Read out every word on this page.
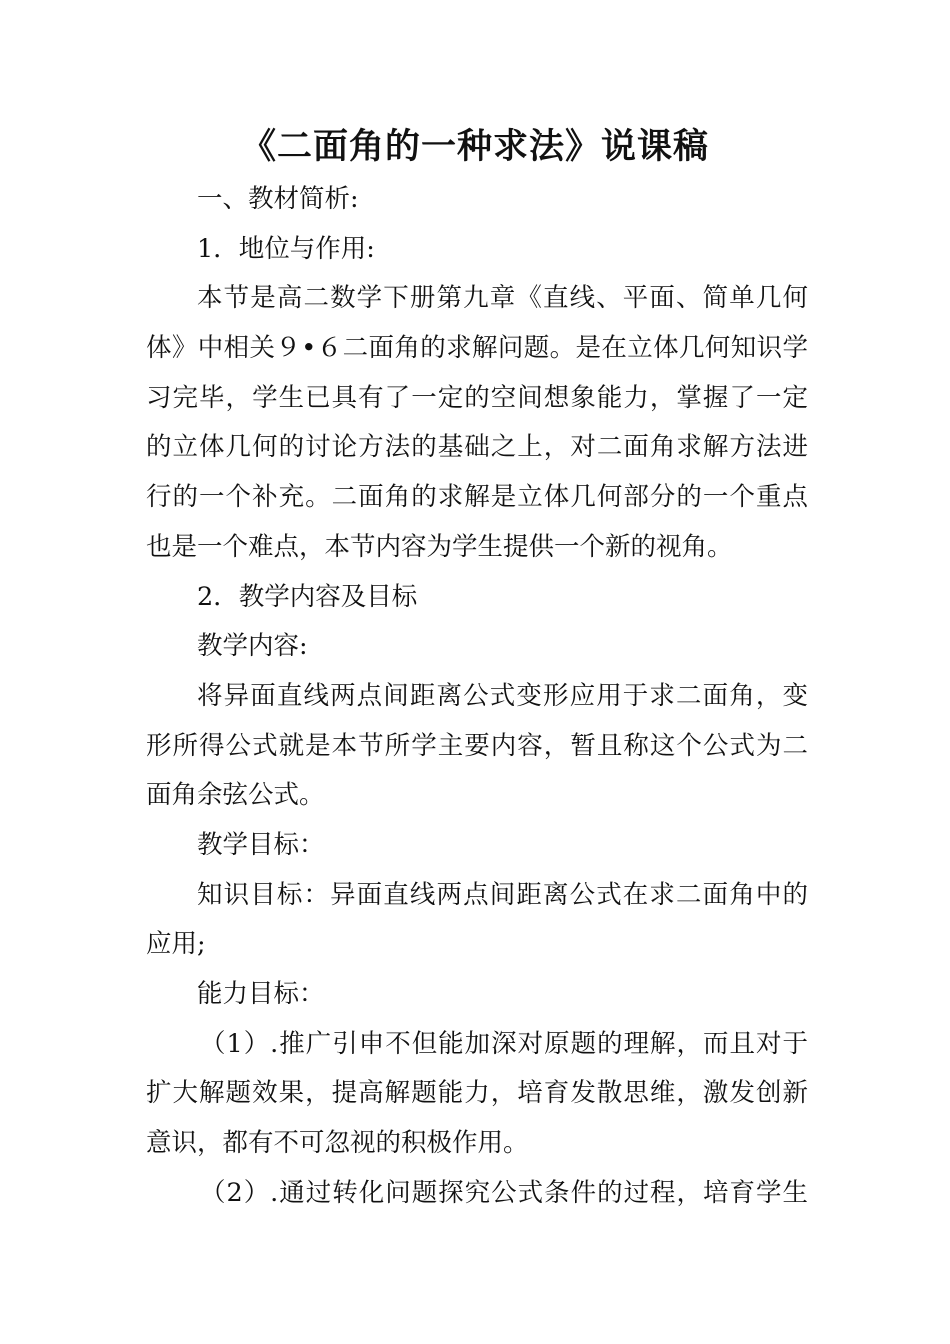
《二面角的一种求法》说课稿
一、教材简析:
1．地位与作用:
本节是高二数学下册第九章《直线、平面、简单几何
体》中相关９•６二面角的求解问题。是在立体几何知识学
习完毕，学生已具有了一定的空间想象能力，掌握了一定
的立体几何的讨论方法的基础之上，对二面角求解方法进
行的一个补充。二面角的求解是立体几何部分的一个重点
也是一个难点，本节内容为学生提供一个新的视角。
2．教学内容及目标
教学内容:
将异面直线两点间距离公式变形应用于求二面角，变
形所得公式就是本节所学主要内容，暂且称这个公式为二
面角余弦公式。
教学目标：
知识目标：异面直线两点间距离公式在求二面角中的
应用;
能力目标：
（1）.推广引申不但能加深对原题的理解，而且对于
扩大解题效果，提高解题能力，培育发散思维，激发创新
意识，都有不可忽视的积极作用。
（2）.通过转化问题探究公式条件的过程，培育学生
